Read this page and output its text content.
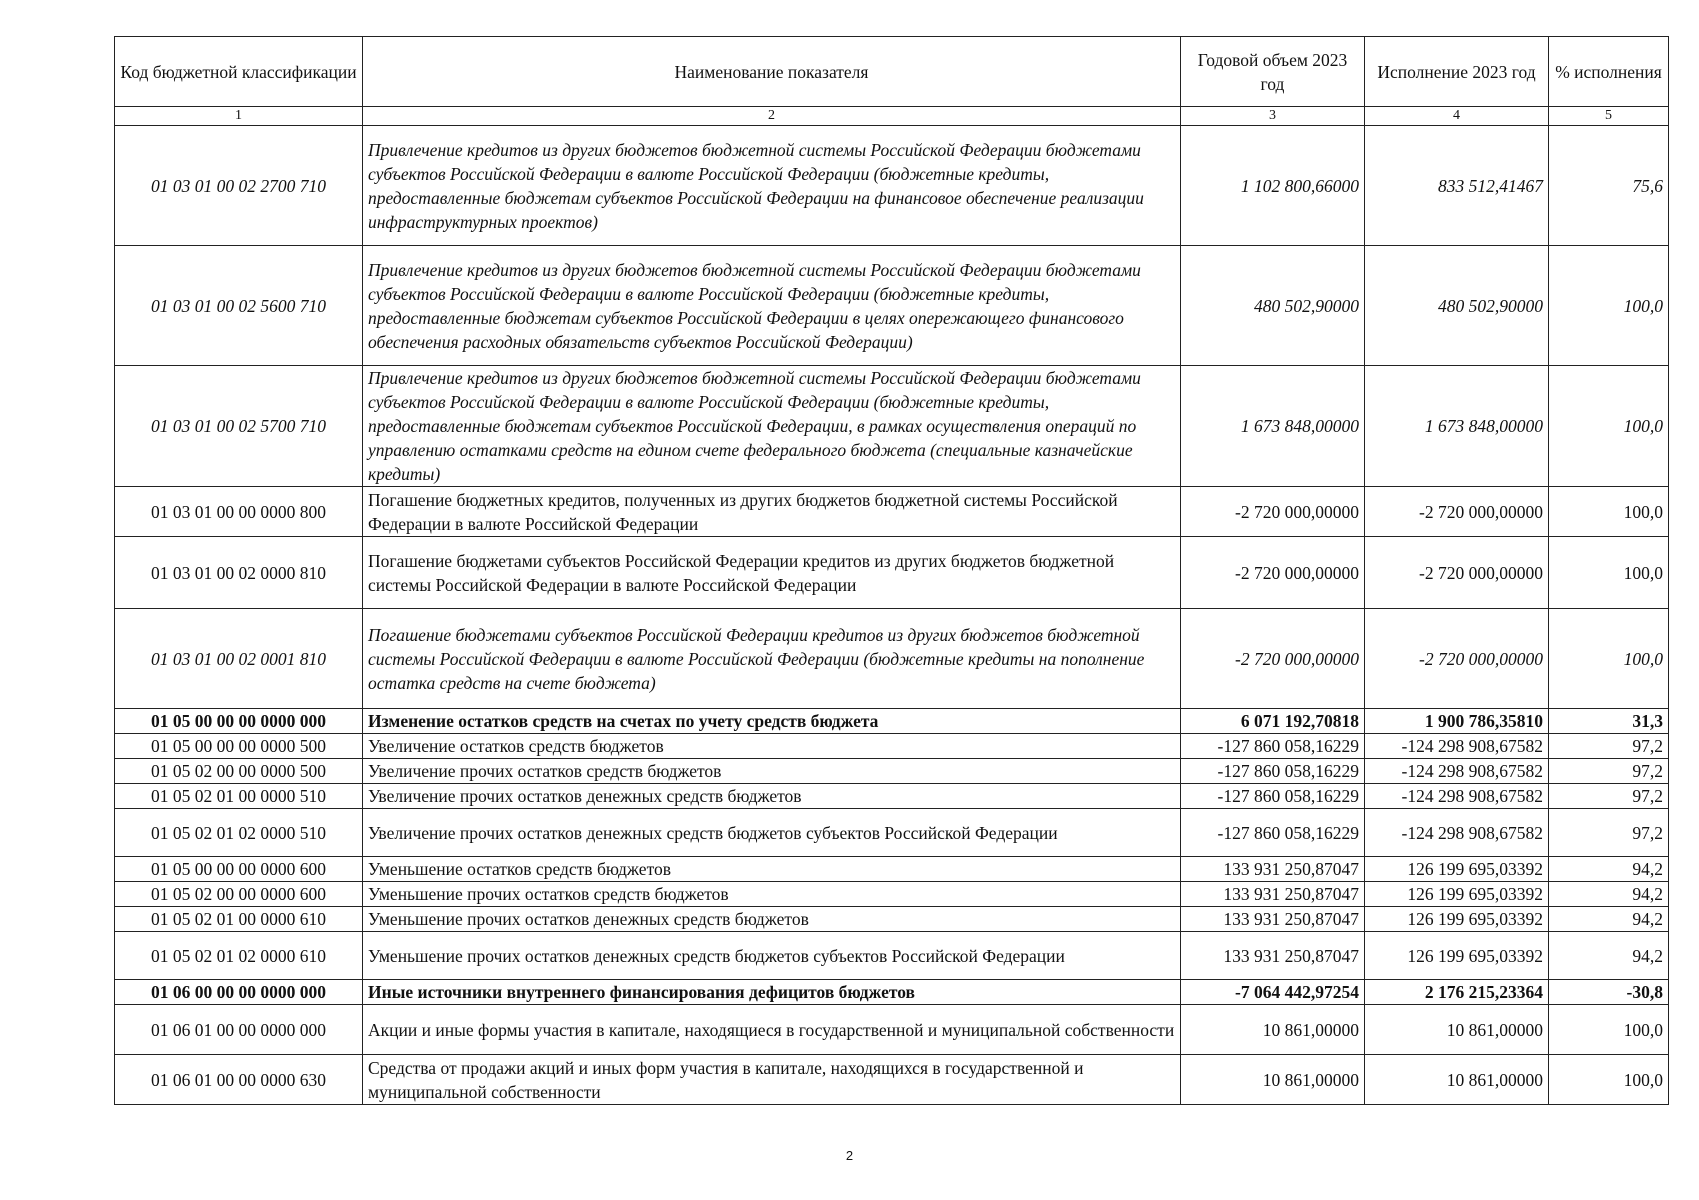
Код бюджетной классификации	Наименование показателя	Годовой объем 2023 год	Исполнение 2023 год	% исполнения
1	2	3	4	5
01 03 01 00 02 2700 710	Привлечение кредитов из других бюджетов бюджетной системы Российской Федерации бюджетами субъектов Российской Федерации в валюте Российской Федерации (бюджетные кредиты, предоставленные бюджетам субъектов Российской Федерации на финансовое обеспечение реализации инфраструктурных проектов)	1 102 800,66000	833 512,41467	75,6
01 03 01 00 02 5600 710	Привлечение кредитов из других бюджетов бюджетной системы Российской Федерации бюджетами субъектов Российской Федерации в валюте Российской Федерации (бюджетные кредиты, предоставленные бюджетам субъектов Российской Федерации в целях опережающего финансового обеспечения расходных обязательств субъектов Российской Федерации)	480 502,90000	480 502,90000	100,0
01 03 01 00 02 5700 710	Привлечение кредитов из других бюджетов бюджетной системы Российской Федерации бюджетами субъектов Российской Федерации в валюте Российской Федерации (бюджетные кредиты, предоставленные бюджетам субъектов Российской Федерации, в рамках осуществления операций по управлению остатками средств на едином счете федерального бюджета (специальные казначейские кредиты)	1 673 848,00000	1 673 848,00000	100,0
01 03 01 00 00 0000 800	Погашение бюджетных кредитов, полученных из других бюджетов бюджетной системы Российской Федерации в валюте Российской Федерации	-2 720 000,00000	-2 720 000,00000	100,0
01 03 01 00 02 0000 810	Погашение бюджетами субъектов Российской Федерации кредитов из других бюджетов бюджетной системы Российской Федерации в валюте Российской Федерации	-2 720 000,00000	-2 720 000,00000	100,0
01 03 01 00 02 0001 810	Погашение бюджетами субъектов Российской Федерации кредитов из других бюджетов бюджетной системы Российской Федерации в валюте Российской Федерации (бюджетные кредиты на пополнение остатка средств на счете бюджета)	-2 720 000,00000	-2 720 000,00000	100,0
01 05 00 00 00 0000 000	Изменение остатков средств на счетах по учету средств бюджета	6 071 192,70818	1 900 786,35810	31,3
01 05 00 00 00 0000 500	Увеличение остатков средств бюджетов	-127 860 058,16229	-124 298 908,67582	97,2
01 05 02 00 00 0000 500	Увеличение прочих остатков средств бюджетов	-127 860 058,16229	-124 298 908,67582	97,2
01 05 02 01 00 0000 510	Увеличение прочих остатков денежных средств бюджетов	-127 860 058,16229	-124 298 908,67582	97,2
01 05 02 01 02 0000 510	Увеличение прочих остатков денежных средств бюджетов субъектов Российской Федерации	-127 860 058,16229	-124 298 908,67582	97,2
01 05 00 00 00 0000 600	Уменьшение остатков средств бюджетов	133 931 250,87047	126 199 695,03392	94,2
01 05 02 00 00 0000 600	Уменьшение прочих остатков средств бюджетов	133 931 250,87047	126 199 695,03392	94,2
01 05 02 01 00 0000 610	Уменьшение прочих остатков денежных средств бюджетов	133 931 250,87047	126 199 695,03392	94,2
01 05 02 01 02 0000 610	Уменьшение прочих остатков денежных средств бюджетов субъектов Российской Федерации	133 931 250,87047	126 199 695,03392	94,2
01 06 00 00 00 0000 000	Иные источники внутреннего финансирования дефицитов бюджетов	-7 064 442,97254	2 176 215,23364	-30,8
01 06 01 00 00 0000 000	Акции и иные формы участия в капитале, находящиеся в государственной и муниципальной собственности	10 861,00000	10 861,00000	100,0
01 06 01 00 00 0000 630	Средства от продажи акций и иных форм участия в капитале, находящихся в государственной и муниципальной собственности	10 861,00000	10 861,00000	100,0
2
